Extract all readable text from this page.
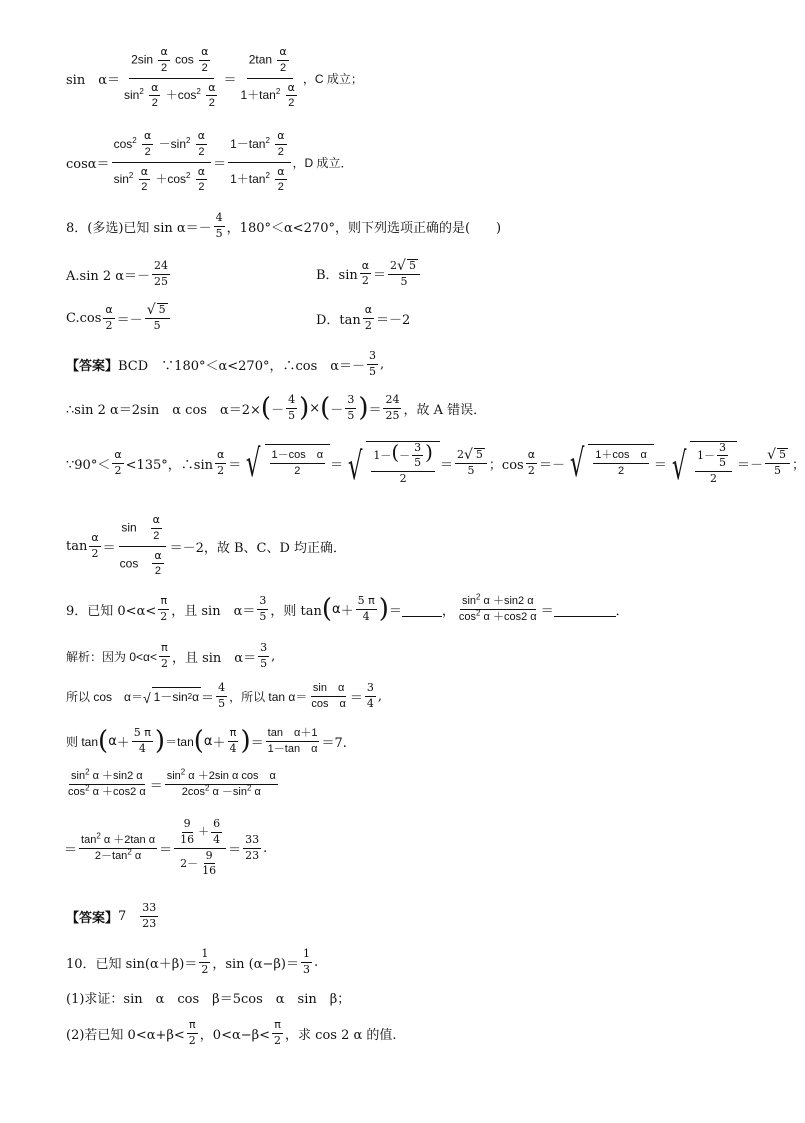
sin　$\alpha= \frac{2\sin \frac{\alpha}{2} \cos \frac{\alpha}{2}}{\sin^2 \frac{\alpha}{2} +\cos^2 \frac{\alpha}{2}} = \frac{2\tan \frac{\alpha}{2}}{1+\tan^2 \frac{\alpha}{2}}$ ，C 成立；
$\cos\alpha= \frac{\cos^2 \frac{\alpha}{2} -\sin^2 \frac{\alpha}{2}}{\sin^2 \frac{\alpha}{2} +\cos^2 \frac{\alpha}{2}} = \frac{1-\tan^2 \frac{\alpha}{2}}{1+\tan^2 \frac{\alpha}{2}}$ ，D 成立．
8．(多选)已知 $\sin \alpha=- \frac{4}{5}$ ，180°＜α<270°，则下列选项正确的是(　　)
A.sin 2 $\alpha=- \frac{24}{25}$	B．$\sin \frac{\alpha}{2} = \frac{2 √ 5}{5}$
$C.\cos \frac{\alpha}{2} =- \frac{√ 5}{5}$	D．$\tan \frac{\alpha}{2} =-2$
【答案】 BCD　∵180°＜α<270°，∴cos　$\alpha=- \frac{3}{5}$ ,
∴sin 2 α＝2sin　α cos　α＝2× ( － $\frac{4}{5}$ ) × ( － $\frac{3}{5}$ ) ＝ $\frac{24}{25}$ ，故 A 错误．
∵90°＜ $\frac{\alpha}{2} <135^\circ$，∴sin $\frac{\alpha}{2}$ ＝ √ $\frac{\text{1－cos　α}}{2}$ ＝ √ $\frac{1-(- \frac{3}{5} )}{2} = \frac{2 √ 5}{5}$ ；$\cos \frac{\alpha}{2}$ ＝－ √ $\frac{\text{1＋cos　α}}{2}$ ＝ √ $\frac{1- \frac{3}{5}}{2} =- \frac{√ 5}{5}$ ；
$\tan \frac{\alpha}{2} = \frac{\sin \frac{\alpha}{2}}{\cos \frac{\alpha}{2}} =-2$，故 B、C、D 均正确．
9．已知 $0<\alpha< \frac{\pi}{2}$ ，且 sin　$\alpha= \frac{3}{5}$ ，则 tan ( $\alpha + \frac{5 \pi}{4}$ ) ＝	， $\frac{\sin^2 \alpha +\sin 2 \alpha}{\cos^2 \alpha +\cos 2 \alpha}$ ＝	．
解析：因为 $0<\alpha< \frac{\pi}{2}$ ，且 sin　$\alpha= \frac{3}{5}$ ,
所以 cos　α＝ √ 1－sin 2 $\alpha = \frac{4}{5}$ ，所以 $\tan \alpha= \frac{\text{sin　α}}{\text{cos　α}} = \frac{3}{4}$ ,
则 tan ( $\alpha + \frac{5 \pi}{4}$ ) ＝tan ( $\alpha + \frac{\pi}{4}$ ) ＝ $\frac{\text{tan　α＋1}}{\text{1－tan　α}} =7$.
$\frac{\sin^2 \alpha +\sin 2 \alpha}{\cos^2 \alpha +\cos 2 \alpha} = \frac{\sin^2 \alpha +2\sin \alpha \cos \alpha}{2\cos^2 \alpha -\sin^2 \alpha}$
＝ $\frac{\tan^2 \alpha +2\tan \alpha}{2-\tan^2 \alpha} = \frac{\frac{9}{16} + \frac{6}{4}}{2- \frac{9}{16}} = \frac{33}{23}$ .
【答案】 $7 \frac{33}{23}$
10．已知 $\sin(\alpha+\beta)= \frac{1}{2}$ ，$\sin (\alpha-\beta)= \frac{1}{3}$ .
(1)求证：sin　α　cos　β＝5cos　α　sin　β；
(2)若已知 $0<\alpha+\beta< \frac{\pi}{2}$ ，$0<\alpha-\beta< \frac{\pi}{2}$ ，求 cos 2 α 的值.
